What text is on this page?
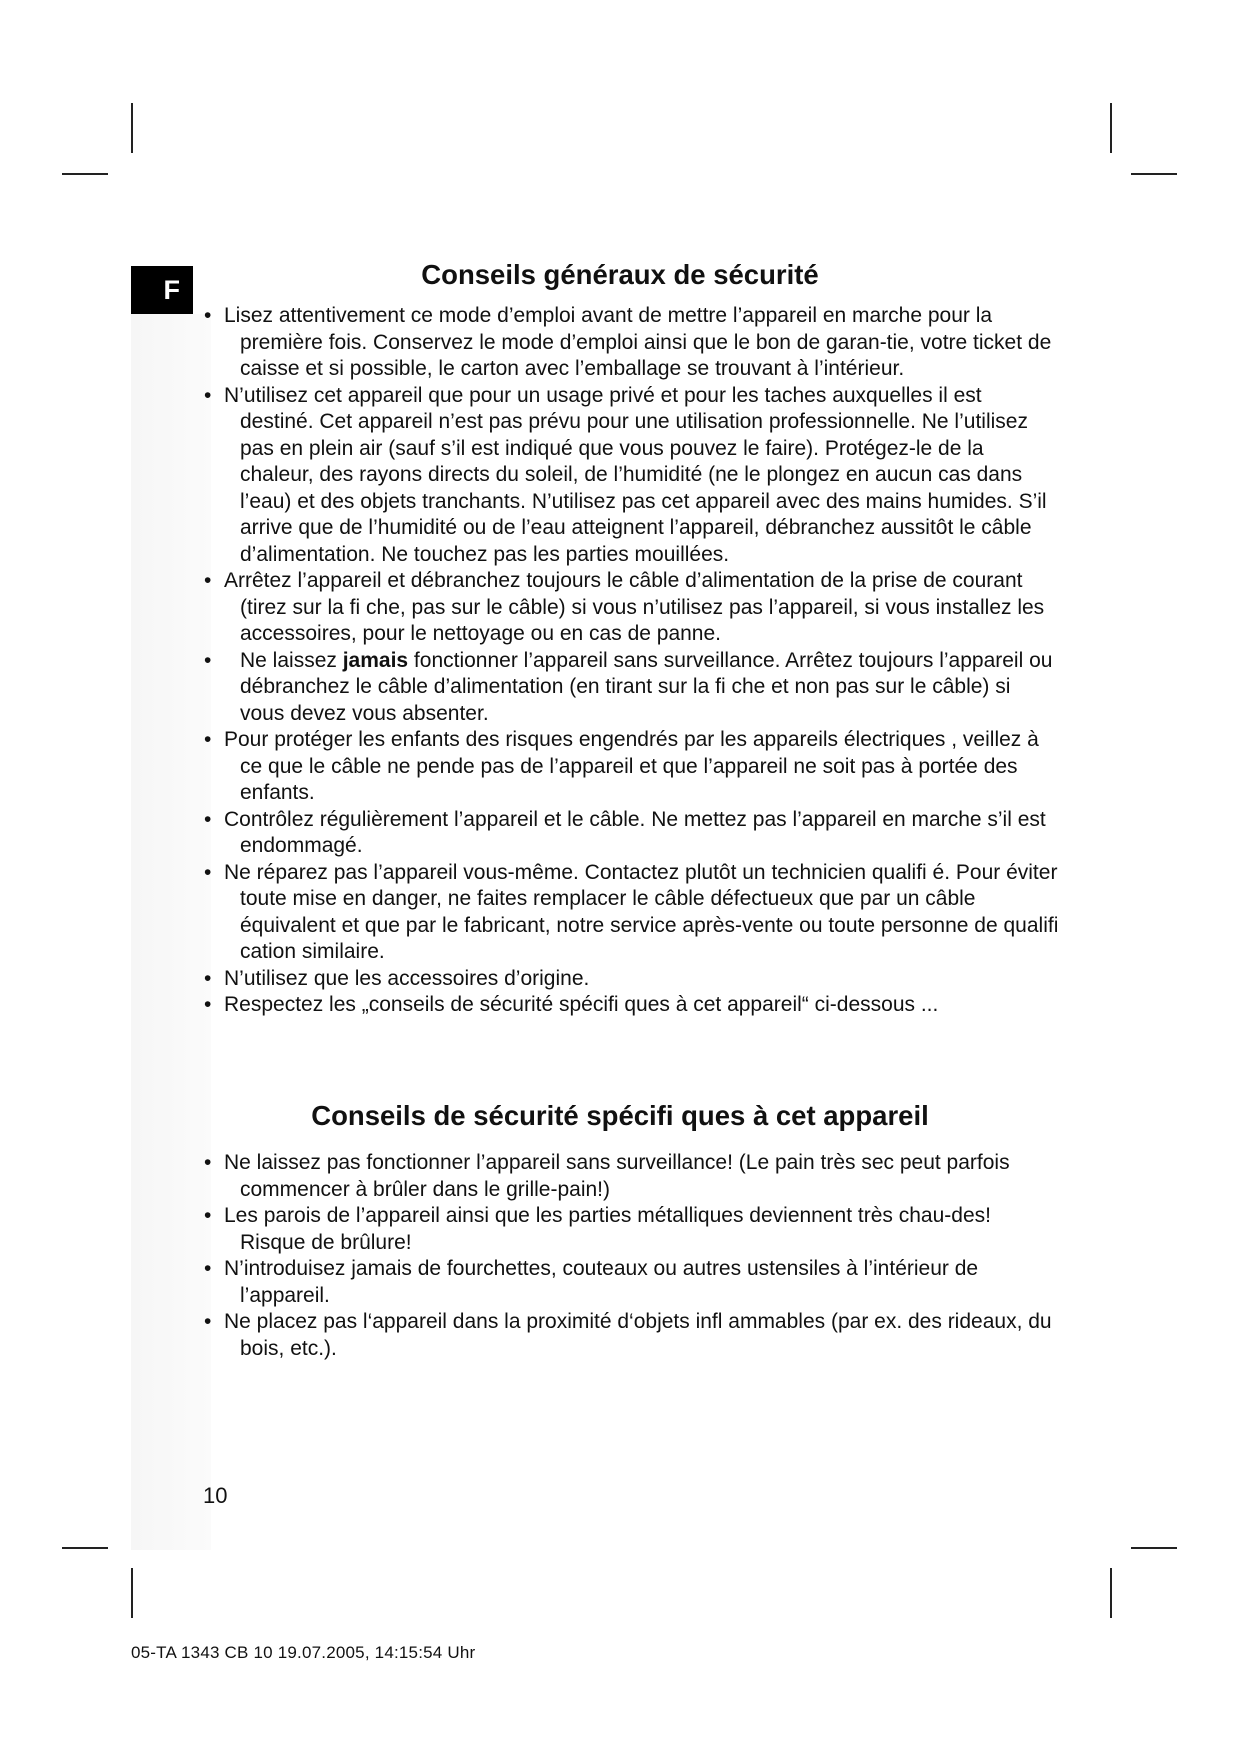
F	Conseils généraux de sécurité
• Lisez attentivement ce mode d’emploi avant de mettre l’appareil en marche pour la première fois. Conservez le mode d’emploi ainsi que le bon de garan-tie, votre ticket de caisse et si possible, le carton avec l’emballage se trouvant à l’intérieur.
• N’utilisez cet appareil que pour un usage privé et pour les taches auxquelles il est destiné. Cet appareil n’est pas prévu pour une utilisation professionnelle. Ne l’utilisez pas en plein air (sauf s’il est indiqué que vous pouvez le faire). Protégez-le de la chaleur, des rayons directs du soleil, de l’humidité (ne le plongez en aucun cas dans l’eau) et des objets tranchants. N’utilisez pas cet appareil avec des mains humides. S’il arrive que de l’humidité ou de l’eau atteignent l’appareil, débranchez aussitôt le câble d’alimentation. Ne touchez pas les parties mouillées.
• Arrêtez l’appareil et débranchez toujours le câble d’alimentation de la prise de courant (tirez sur la fi che, pas sur le câble) si vous n’utilisez pas l’appareil, si vous installez les accessoires, pour le nettoyage ou en cas de panne.
• Ne laissez jamais fonctionner l’appareil sans surveillance. Arrêtez toujours l’appareil ou débranchez le câble d’alimentation (en tirant sur la fi che et non pas sur le câble) si vous devez vous absenter.
• Pour protéger les enfants des risques engendrés par les appareils électriques , veillez à ce que le câble ne pende pas de l’appareil et que l’appareil ne soit pas à portée des enfants.
• Contrôlez régulièrement l’appareil et le câble. Ne mettez pas l’appareil en marche s’il est endommagé.
• Ne réparez pas l’appareil vous-même. Contactez plutôt un technicien qualifi é. Pour éviter toute mise en danger, ne faites remplacer le câble défectueux que par un câble équivalent et que par le fabricant, notre service après-vente ou toute personne de qualifi cation similaire.
• N’utilisez que les accessoires d’origine.
• Respectez les „conseils de sécurité spécifi ques à cet appareil“ ci-dessous ...
Conseils de sécurité spécifi ques à cet appareil
• Ne laissez pas fonctionner l’appareil sans surveillance! (Le pain très sec peut parfois commencer à brûler dans le grille-pain!)
• Les parois de l’appareil ainsi que les parties métalliques deviennent très chau-des! Risque de brûlure!
• N’introduisez jamais de fourchettes, couteaux ou autres ustensiles à l’intérieur de l’appareil.
• Ne placez pas l‘appareil dans la proximité d‘objets infl ammables (par ex. des rideaux, du bois, etc.).
10
05-TA 1343 CB 10 19.07.2005, 14:15:54 Uhr
